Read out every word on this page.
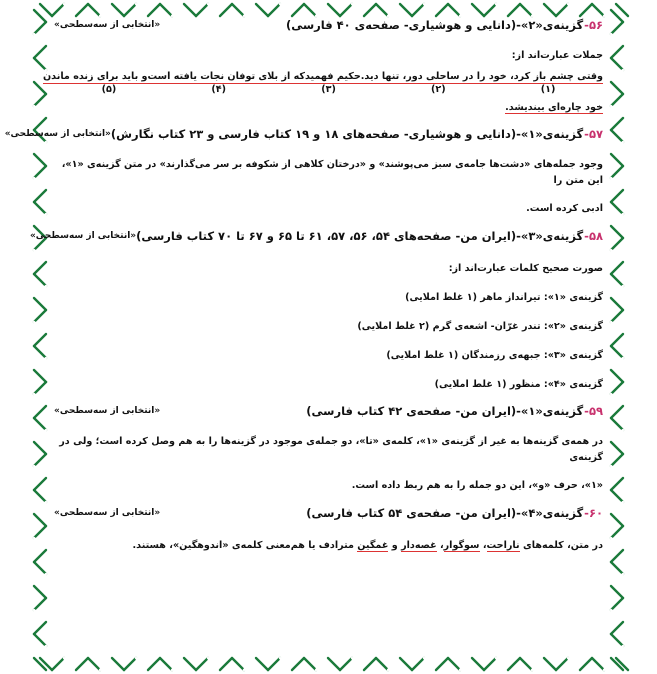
۵۶-
گزینه‌ی«۲»-(دانایی و هوشیاری- صفحه‌ی ۴۰ فارسی)
«انتخابی از سه‌سطحی»

جملات عبارت‌اند از:

وقتی چشم باز کرد، خود را در ساحلی دور، تنها دید.
حکیم فهمید
که از بلای توفان نجات یافته است
و باید برای زنده ماندن
(۱)
(۲)
(۳)
(۴)
(۵)

خود چاره‌ای بیندیشد.

۵۷-
گزینه‌ی«۱»-(دانایی و هوشیاری- صفحه‌های ۱۸ و ۱۹ کتاب فارسی و ۲۳ کتاب نگارش)
«انتخابی از سه‌سطحی»

وجود جمله‌های «دشت‌ها جامه‌ی سبز می‌پوشند» و «درختان کلاهی از شکوفه بر سر می‌گذارند» در متن گزینه‌ی «۱»، این متن را

ادبی کرده است.

۵۸-
گزینه‌ی«۳»-(ایران من- صفحه‌های ۵۴، ۵۶، ۵۷، ۶۱ تا ۶۵ و ۶۷ تا ۷۰ کتاب فارسی)
«انتخابی از سه‌سطحی»

صورت صحیح کلمات عبارت‌اند از:

گزینه‌ی «۱»: تیرانداز ماهر (۱ غلط املایی)

گزینه‌ی «۲»: تندر غرّان- اشعه‌ی گرم (۲ غلط املایی)

گزینه‌ی «۳»: جبهه‌ی رزمندگان (۱ غلط املایی)

گزینه‌ی «۴»: منظور (۱ غلط املایی)

۵۹-
گزینه‌ی«۱»-(ایران من- صفحه‌ی ۴۲ کتاب فارسی)
«انتخابی از سه‌سطحی»

در همه‌ی گزینه‌ها به غیر از گزینه‌ی «۱»، کلمه‌ی «تا»، دو جمله‌ی موجود در گزینه‌ها را به هم وصل کرده است؛ ولی در گزینه‌ی

«۱»، حرف «و»، این دو جمله را به هم ربط داده است.

۶۰-
گزینه‌ی«۴»-(ایران من- صفحه‌ی ۵۴ کتاب فارسی)
«انتخابی از سه‌سطحی»

در متن، کلمه‌های ناراحت، سوگوار، غصه‌دار و غمگین مترادف یا هم‌معنی کلمه‌ی «اندوهگین»، هستند.
